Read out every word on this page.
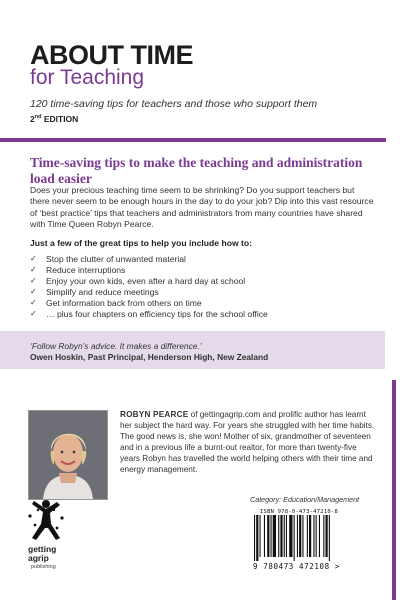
ABOUT TIME
for Teaching
120 time-saving tips for teachers and those who support them
2nd EDITION
Time-saving tips to make the teaching and administration load easier
Does your precious teaching time seem to be shrinking? Do you support teachers but there never seem to be enough hours in the day to do your job? Dip into this vast resource of ‘best practice’ tips that teachers and administrators from many countries have shared with Time Queen Robyn Pearce.
Just a few of the great tips to help you include how to:
✓	Stop the clutter of unwanted material
✓	Reduce interruptions
✓	Enjoy your own kids, even after a hard day at school
✓	Simplify and reduce meetings
✓	Get information back from others on time
✓	… plus four chapters on efficiency tips for the school office
‘Follow Robyn’s advice. It makes a difference.’
Owen Hoskin, Past Principal, Henderson High, New Zealand
ROBYN PEARCE of gettingagrip.com and prolific author has learnt her subject the hard way. For years she struggled with her time habits. The good news is, she won! Mother of six, grandmother of seventeen and in a previous life a burnt-out realtor, for more than twenty-five years Robyn has travelled the world helping others with their time and energy management.
getting
agrip
publishing
Category: Education/Management
ISBN 978-0-473-47210-8
9 780473 472108 >
